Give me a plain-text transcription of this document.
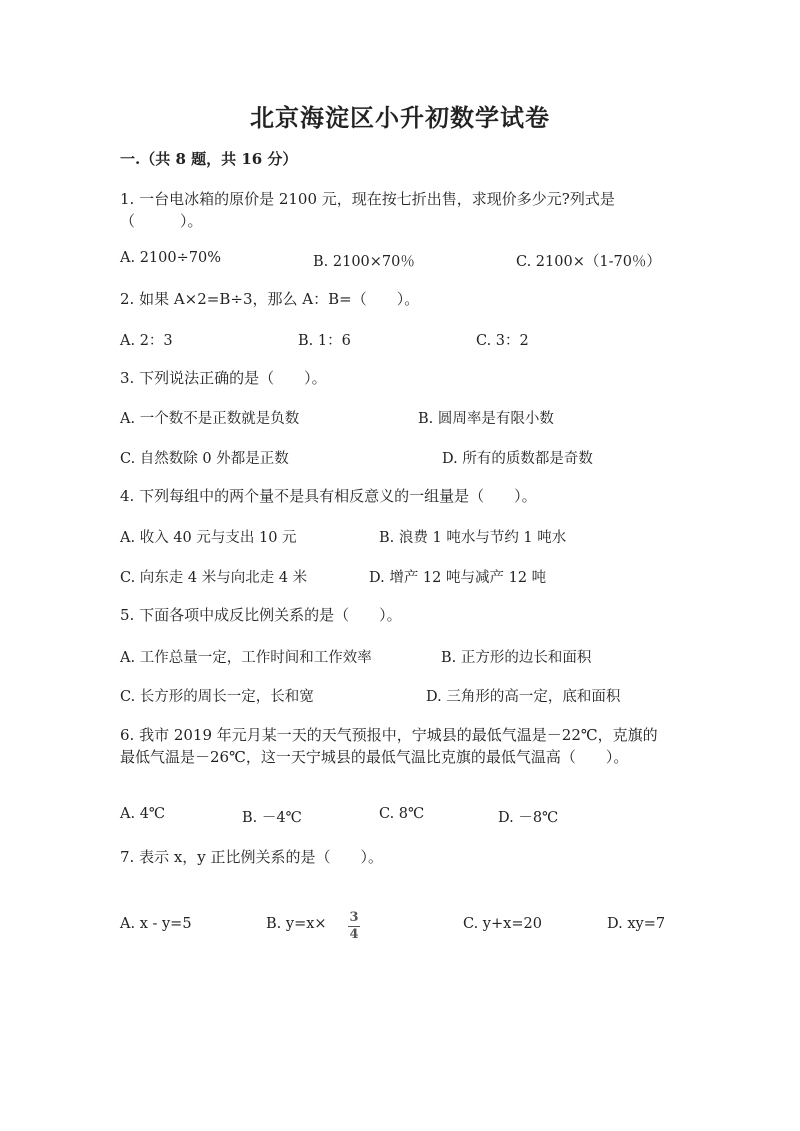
北京海淀区小升初数学试卷
一.（共 8 题，共 16 分）
1. 一台电冰箱的原价是 2100 元，现在按七折出售，求现价多少元?列式是
（　　　）。
A. 2100÷70%	B. 2100×70％	C. 2100×（1-70％）
2. 如果 A×2=B÷3，那么 A：B=（　　）。
A. 2：3	B. 1：6	C. 3：2
3. 下列说法正确的是（　　）。
A. 一个数不是正数就是负数	B. 圆周率是有限小数
C. 自然数除 0 外都是正数	D. 所有的质数都是奇数
4. 下列每组中的两个量不是具有相反意义的一组量是（　　）。
A. 收入 40 元与支出 10 元	B. 浪费 1 吨水与节约 1 吨水
C. 向东走 4 米与向北走 4 米	D. 增产 12 吨与减产 12 吨
5. 下面各项中成反比例关系的是（　　）。
A. 工作总量一定，工作时间和工作效率	B. 正方形的边长和面积
C. 长方形的周长一定，长和宽	D. 三角形的高一定，底和面积
6. 我市 2019 年元月某一天的天气预报中，宁城县的最低气温是－22℃，克旗的
最低气温是－26℃，这一天宁城县的最低气温比克旗的最低气温高（　　）。
A. 4℃	B. －4℃	C. 8℃	D. －8℃
7. 表示 x，y 正比例关系的是（　　）。
A. x - y=5	B. y=x×	3
4
C. y+x=20	D. xy=7
